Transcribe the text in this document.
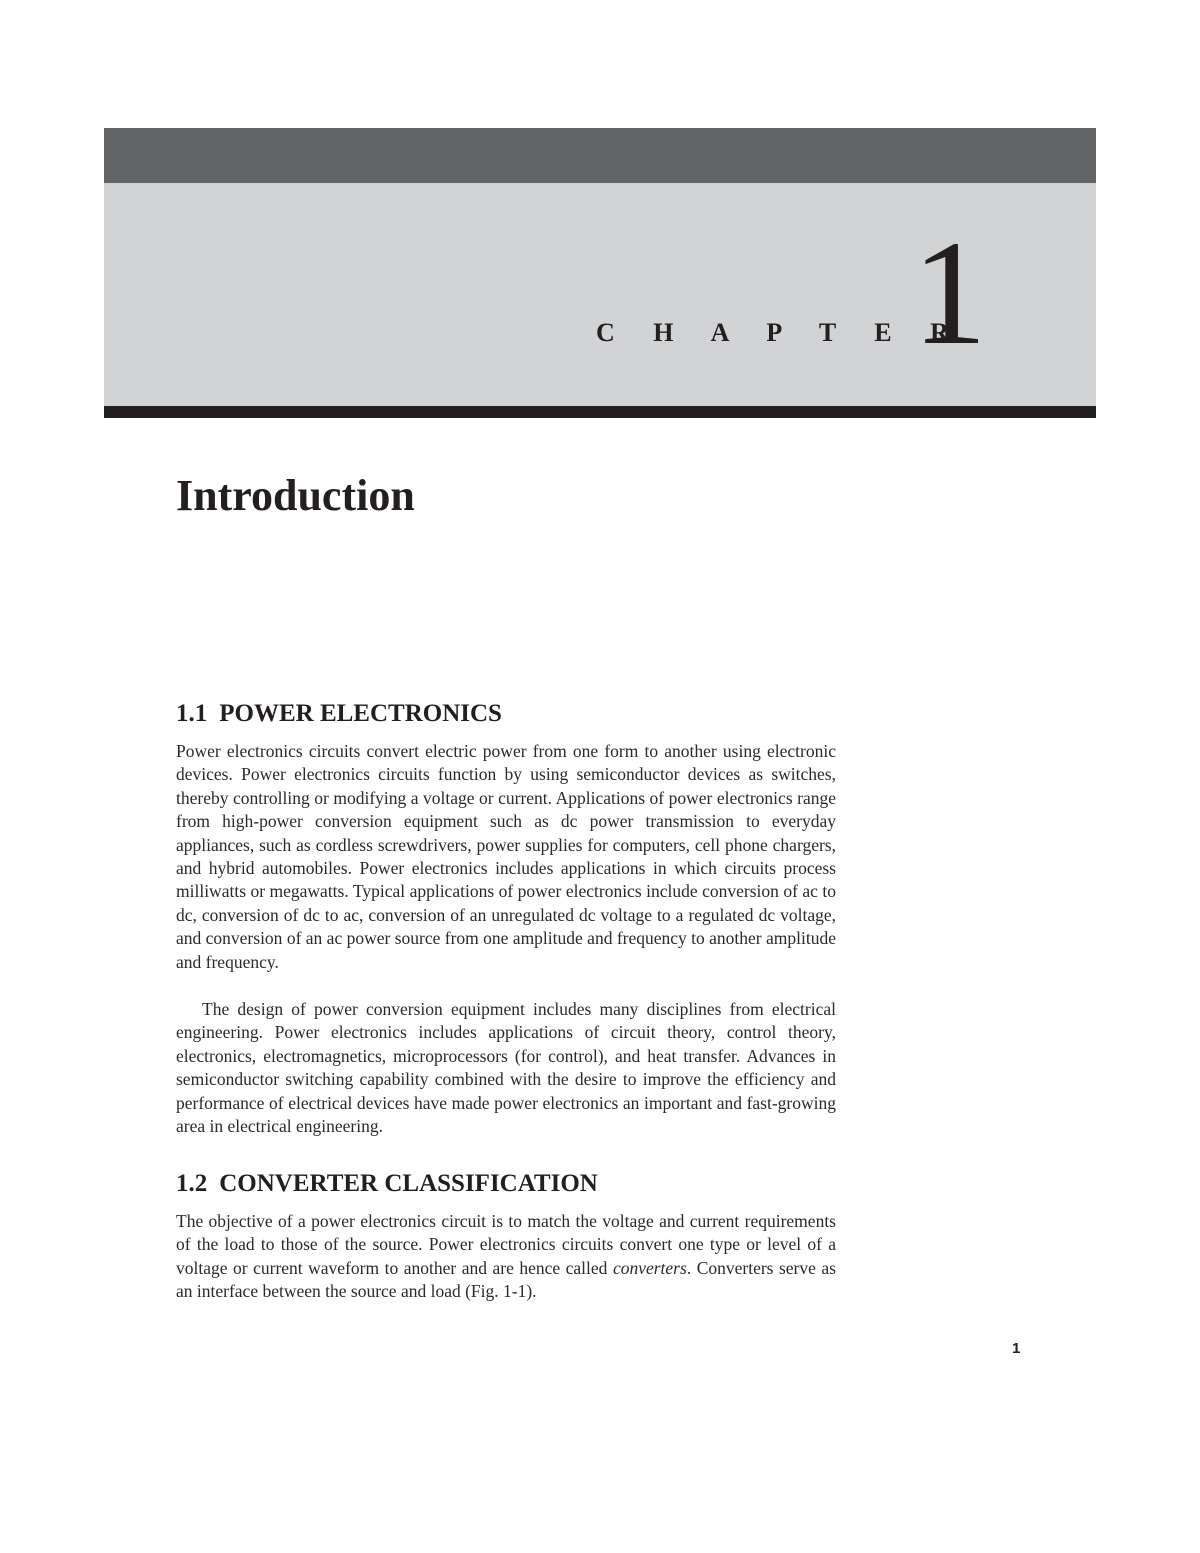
C H A P T E R
1
Introduction
1.1 POWER ELECTRONICS

Power electronics circuits convert electric power from one form to another using electronic devices. Power electronics circuits function by using semiconductor devices as switches, thereby controlling or modifying a voltage or current. Applications of power electronics range from high-power conversion equipment such as dc power transmission to everyday appliances, such as cordless screwdrivers, power supplies for computers, cell phone chargers, and hybrid automobiles. Power electronics includes applications in which circuits process milliwatts or megawatts. Typical applications of power electronics include conversion of ac to dc, conversion of dc to ac, conversion of an unregulated dc voltage to a regulated dc voltage, and conversion of an ac power source from one amplitude and frequency to another amplitude and frequency.

The design of power conversion equipment includes many disciplines from electrical engineering. Power electronics includes applications of circuit theory, control theory, electronics, electromagnetics, microprocessors (for control), and heat transfer. Advances in semiconductor switching capability combined with the desire to improve the efficiency and performance of electrical devices have made power electronics an important and fast-growing area in electrical engineering.

1.2 CONVERTER CLASSIFICATION

The objective of a power electronics circuit is to match the voltage and current requirements of the load to those of the source. Power electronics circuits convert one type or level of a voltage or current waveform to another and are hence called converters. Converters serve as an interface between the source and load (Fig. 1-1).

1
